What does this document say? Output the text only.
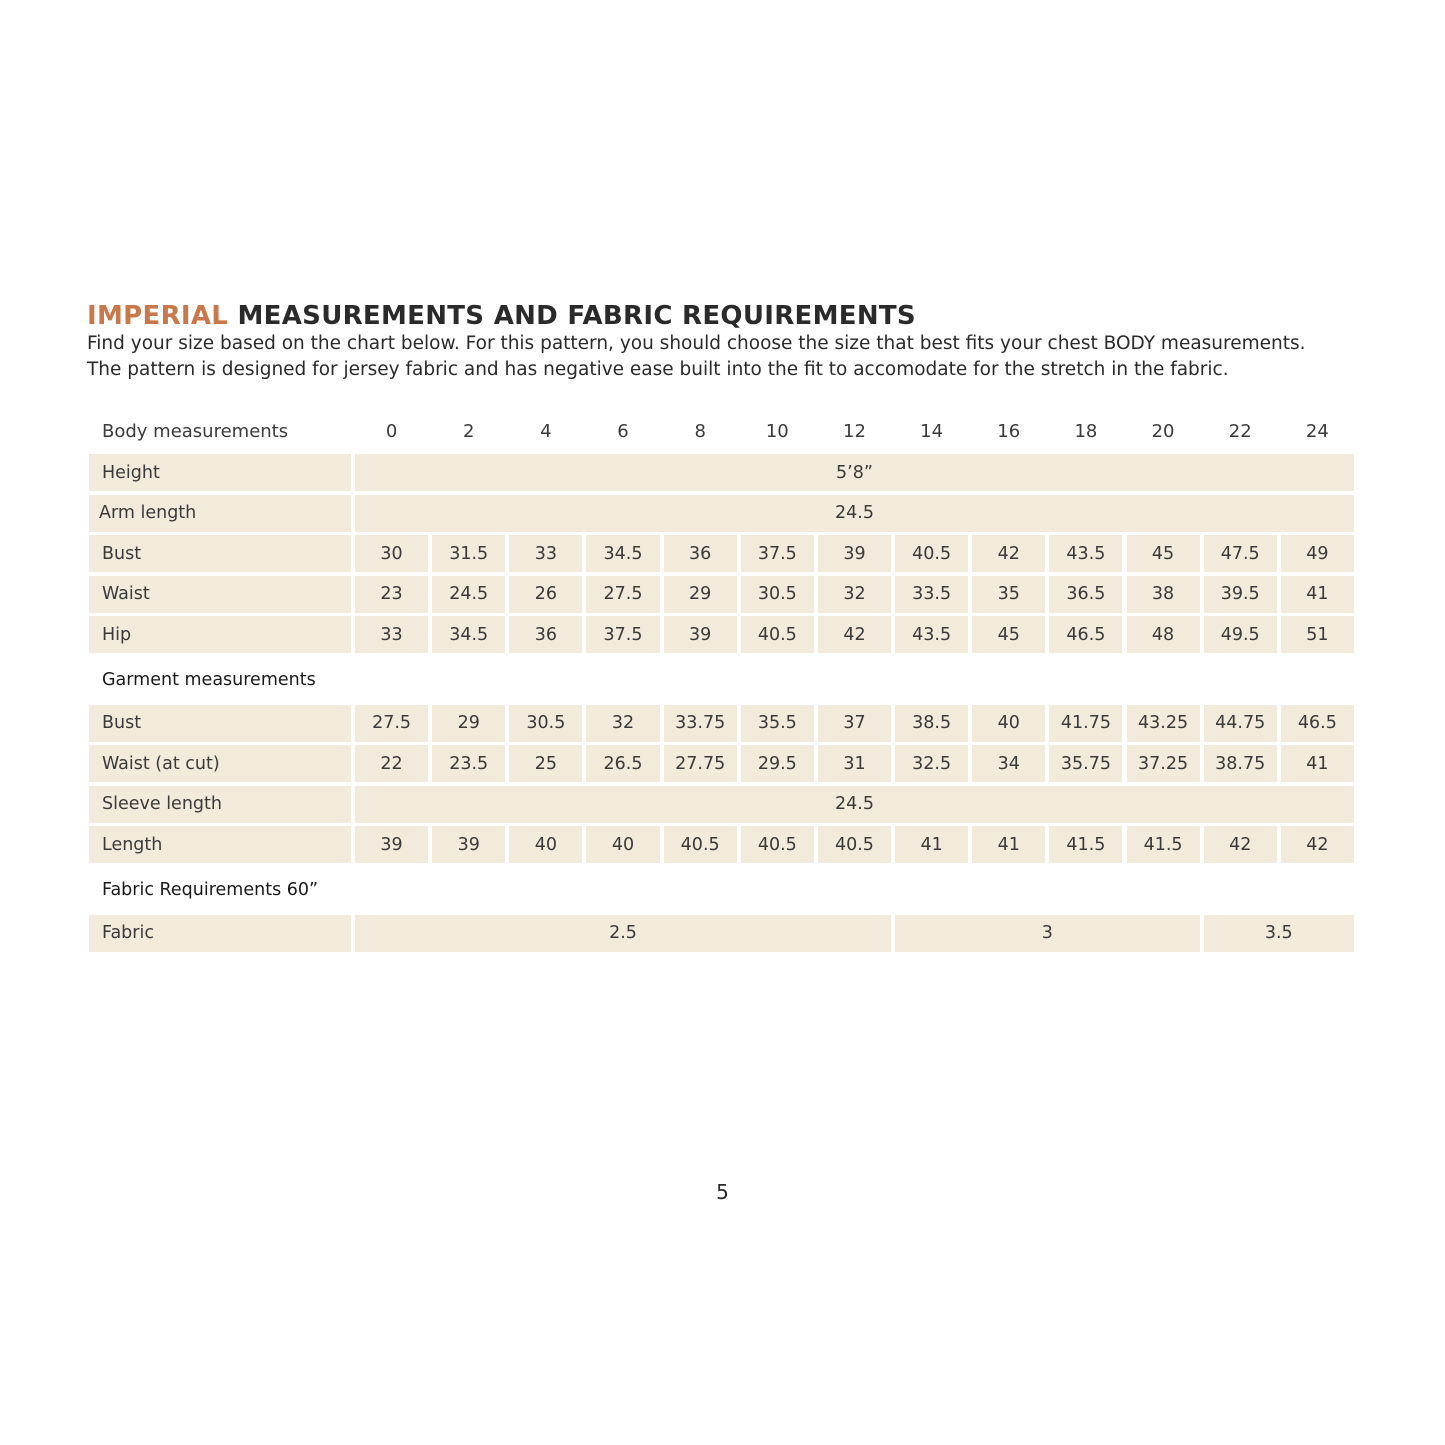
IMPERIAL MEASUREMENTS AND FABRIC REQUIREMENTS
Find your size based on the chart below. For this pattern, you should choose the size that best fits your chest BODY measurements.
The pattern is designed for jersey fabric and has negative ease built into the fit to accomodate for the stretch in the fabric.
Body measurements	0	2	4	6	8	10	12	14	16	18	20	22	24
Height	5’8”
Arm length	24.5
Bust	30	31.5	33	34.5	36	37.5	39	40.5	42	43.5	45	47.5	49
Waist	23	24.5	26	27.5	29	30.5	32	33.5	35	36.5	38	39.5	41
Hip	33	34.5	36	37.5	39	40.5	42	43.5	45	46.5	48	49.5	51
Garment measurements
Bust	27.5	29	30.5	32	33.75	35.5	37	38.5	40	41.75	43.25	44.75	46.5
Waist (at cut)	22	23.5	25	26.5	27.75	29.5	31	32.5	34	35.75	37.25	38.75	41
Sleeve length	24.5
Length	39	39	40	40	40.5	40.5	40.5	41	41	41.5	41.5	42	42
Fabric Requirements 60”
Fabric	2.5	3	3.5
5
